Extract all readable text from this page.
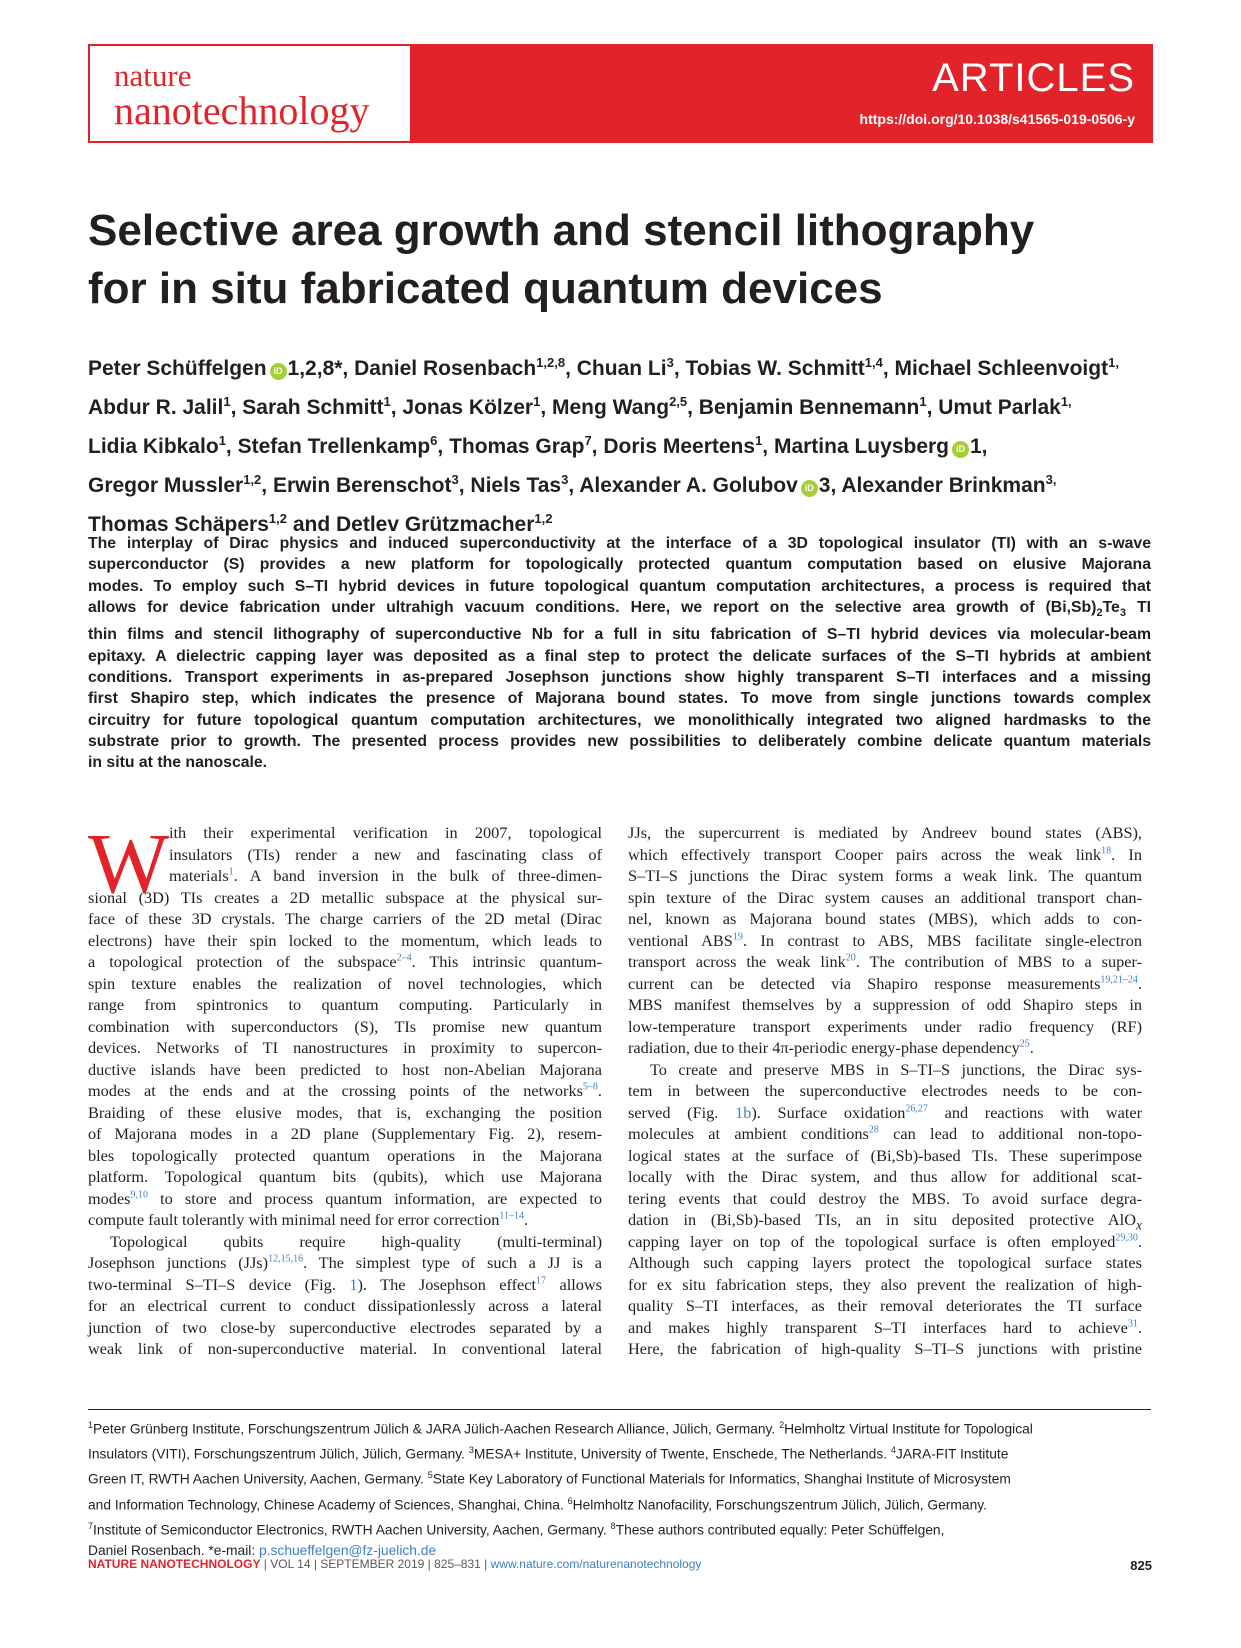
nature
nanotechnology
ARTICLES
https://doi.org/10.1038/s41565-019-0506-y
Selective area growth and stencil lithography
for in situ fabricated quantum devices
Peter Schüffelgen iD 1,2,8*, Daniel Rosenbach$^{1,2,8}$, Chuan Li$^3$, Tobias W. Schmitt$^{1,4}$, Michael Schleenvoigt$^{1,}$
Abdur R. Jalil$^1$, Sarah Schmitt$^1$, Jonas Kölzer$^1$, Meng Wang$^{2,5}$, Benjamin Bennemann$^1$, Umut Parlak$^{1,}$
Lidia Kibkalo$^1$, Stefan Trellenkamp$^6$, Thomas Grap$^7$, Doris Meertens$^1$, Martina Luysberg iD 1,
Gregor Mussler$^{1,2}$, Erwin Berenschot$^3$, Niels Tas$^3$, Alexander A. Golubov iD 3, Alexander Brinkman$^{3,}$
Thomas Schäpers$^{1,2}$ and Detlev Grützmacher$^{1,2}$
The interplay of Dirac physics and induced superconductivity at the interface of a 3D topological insulator (TI) with an s-wave
superconductor (S) provides a new platform for topologically protected quantum computation based on elusive Majorana
modes. To employ such S–TI hybrid devices in future topological quantum computation architectures, a process is required that
allows for device fabrication under ultrahigh vacuum conditions. Here, we report on the selective area growth of $(Bi,Sb)_2Te_3$ TI
thin films and stencil lithography of superconductive Nb for a full in situ fabrication of S–TI hybrid devices via molecular-beam
epitaxy. A dielectric capping layer was deposited as a final step to protect the delicate surfaces of the S–TI hybrids at ambient
conditions. Transport experiments in as-prepared Josephson junctions show highly transparent S–TI interfaces and a missing
first Shapiro step, which indicates the presence of Majorana bound states. To move from single junctions towards complex
circuitry for future topological quantum computation architectures, we monolithically integrated two aligned hardmasks to the
substrate prior to growth. The presented process provides new possibilities to deliberately combine delicate quantum materials
in situ at the nanoscale.
W ith their experimental verification in 2007, topological
insulators (TIs) render a new and fascinating class of
materials$^1$. A band inversion in the bulk of three-dimen-
sional (3D) TIs creates a 2D metallic subspace at the physical sur-
face of these 3D crystals. The charge carriers of the 2D metal (Dirac
electrons) have their spin locked to the momentum, which leads to
a topological protection of the subspace$^{2-4}$. This intrinsic quantum-
spin texture enables the realization of novel technologies, which
range from spintronics to quantum computing. Particularly in
combination with superconductors (S), TIs promise new quantum
devices. Networks of TI nanostructures in proximity to supercon-
ductive islands have been predicted to host non-Abelian Majorana
modes at the ends and at the crossing points of the networks$^{5-8}$.
Braiding of these elusive modes, that is, exchanging the position
of Majorana modes in a 2D plane (Supplementary Fig. 2), resem-
bles topologically protected quantum operations in the Majorana
platform. Topological quantum bits (qubits), which use Majorana
modes$^{9,10}$ to store and process quantum information, are expected to
compute fault tolerantly with minimal need for error correction$^{11-14}$.
Topological qubits require high-quality (multi-terminal)
Josephson junctions (JJs)$^{12,15,16}$. The simplest type of such a JJ is a
two-terminal S–TI–S device (Fig. 1). The Josephson effect$^{17}$ allows
for an electrical current to conduct dissipationlessly across a lateral
junction of two close-by superconductive electrodes separated by a
weak link of non-superconductive material. In conventional lateral
JJs, the supercurrent is mediated by Andreev bound states (ABS),
which effectively transport Cooper pairs across the weak link$^{18}$. In
S–TI–S junctions the Dirac system forms a weak link. The quantum
spin texture of the Dirac system causes an additional transport chan-
nel, known as Majorana bound states (MBS), which adds to con-
ventional ABS$^{19}$. In contrast to ABS, MBS facilitate single-electron
transport across the weak link$^{20}$. The contribution of MBS to a super-
current can be detected via Shapiro response measurements$^{19,21-24}$.
MBS manifest themselves by a suppression of odd Shapiro steps in
low-temperature transport experiments under radio frequency (RF)
radiation, due to their 4π-periodic energy-phase dependency$^{25}$.
To create and preserve MBS in S–TI–S junctions, the Dirac sys-
tem in between the superconductive electrodes needs to be con-
served (Fig. 1b). Surface oxidation$^{26,27}$ and reactions with water
molecules at ambient conditions$^{28}$ can lead to additional non-topo-
logical states at the surface of (Bi,Sb)-based TIs. These superimpose
locally with the Dirac system, and thus allow for additional scat-
tering events that could destroy the MBS. To avoid surface degra-
dation in (Bi,Sb)-based TIs, an in situ deposited protective AlO$_x$
capping layer on top of the topological surface is often employed$^{29,30}$.
Although such capping layers protect the topological surface states
for ex situ fabrication steps, they also prevent the realization of high-
quality S–TI interfaces, as their removal deteriorates the TI surface
and makes highly transparent S–TI interfaces hard to achieve$^{31}$.
Here, the fabrication of high-quality S–TI–S junctions with pristine
$^1$Peter Grünberg Institute, Forschungszentrum Jülich & JARA Jülich-Aachen Research Alliance, Jülich, Germany. $^2$Helmholtz Virtual Institute for Topological
Insulators (VITI), Forschungszentrum Jülich, Jülich, Germany. $^3$MESA+ Institute, University of Twente, Enschede, The Netherlands. $^4$JARA-FIT Institute
Green IT, RWTH Aachen University, Aachen, Germany. $^5$State Key Laboratory of Functional Materials for Informatics, Shanghai Institute of Microsystem
and Information Technology, Chinese Academy of Sciences, Shanghai, China. $^6$Helmholtz Nanofacility, Forschungszentrum Jülich, Jülich, Germany.
$^7$Institute of Semiconductor Electronics, RWTH Aachen University, Aachen, Germany. $^8$These authors contributed equally: Peter Schüffelgen,
Daniel Rosenbach. *e-mail: p.schueffelgen@fz-juelich.de
NATURE NANOTECHNOLOGY | VOL 14 | SEPTEMBER 2019 | 825–831 | www.nature.com/naturenanotechnology	825
